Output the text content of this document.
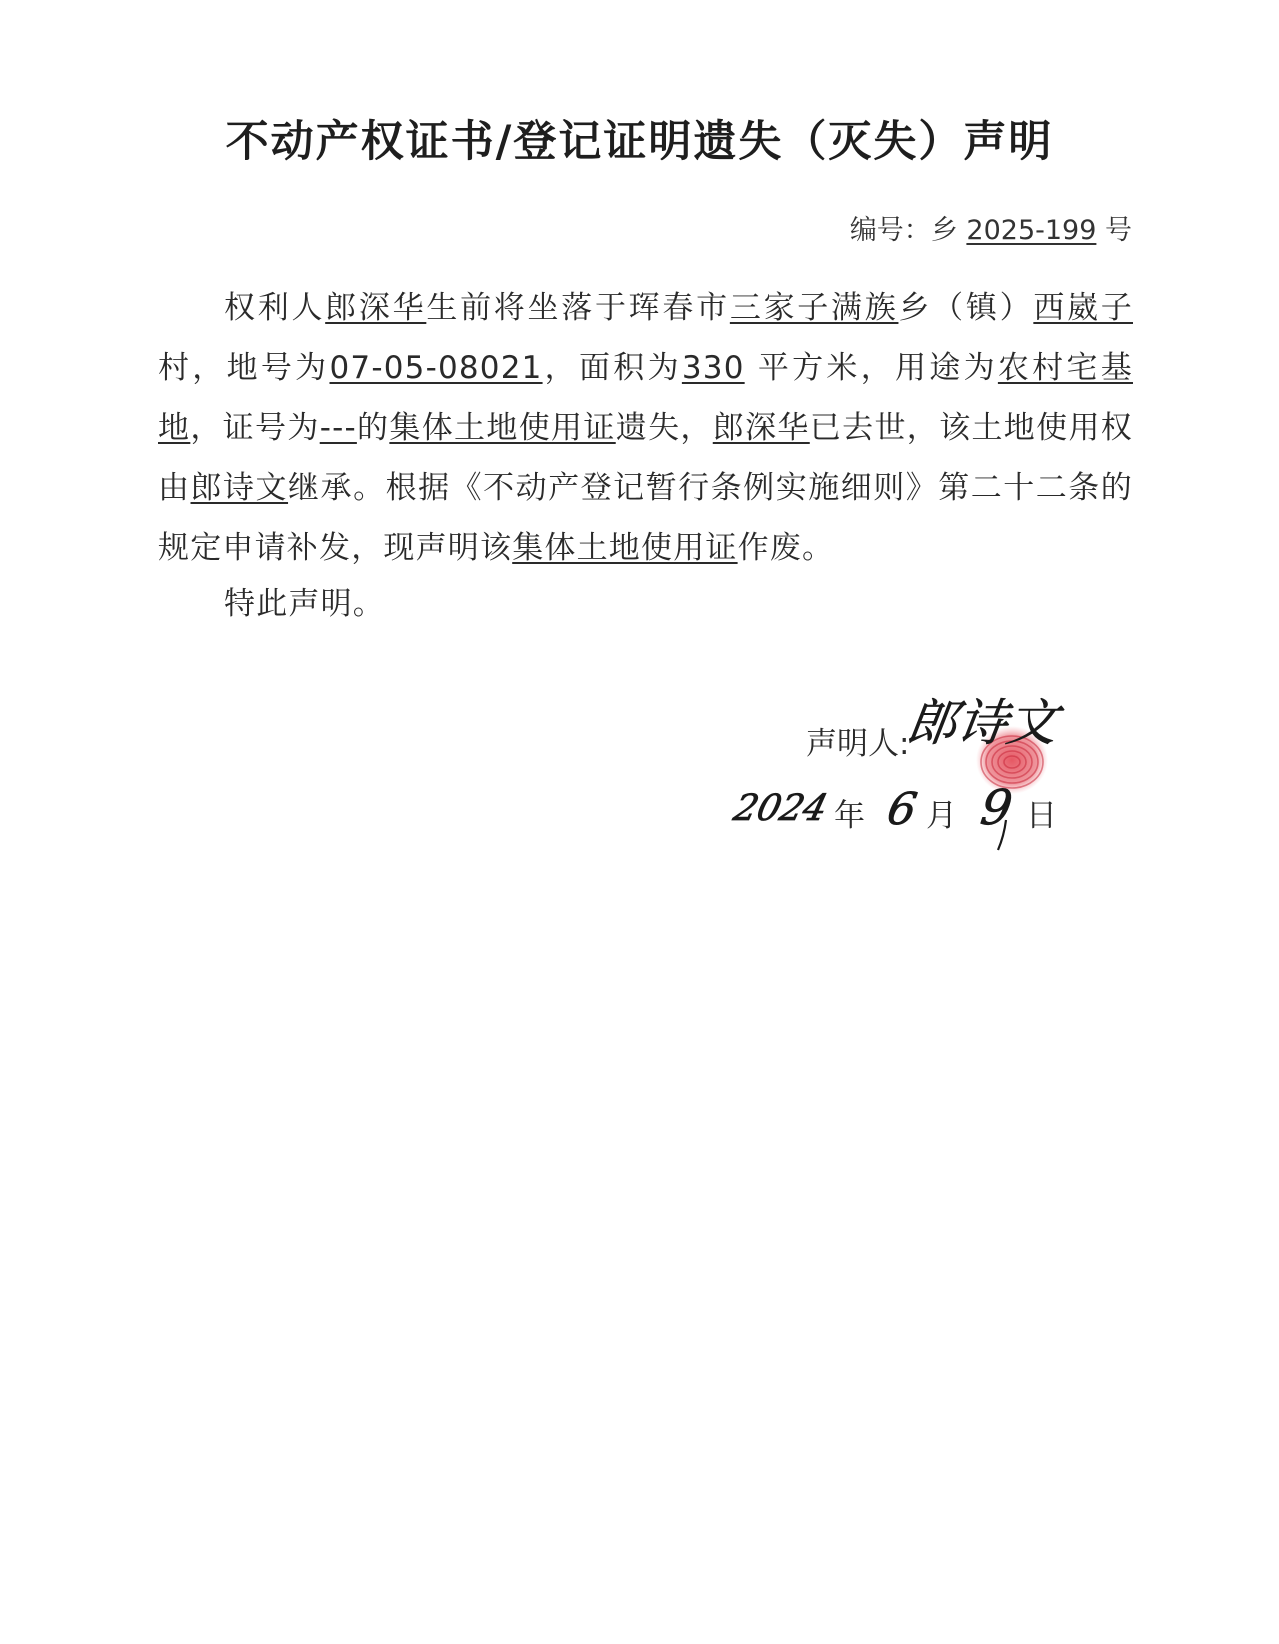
不动产权证书/登记证明遗失（灭失）声明
编号：乡 2025-199 号

权利人郎深华生前将坐落于珲春市三家子满族乡（镇）西崴子村，地号为07-05-08021，面积为330 平方米，用途为农村宅基地，证号为---的集体土地使用证遗失，郎深华已去世，该土地使用权由郎诗文继承。根据《不动产登记暂行条例实施细则》第二十二条的规定申请补发，现声明该集体土地使用证作废。

特此声明。
声明人:
郎诗文
2024 年 6 月 9 日
